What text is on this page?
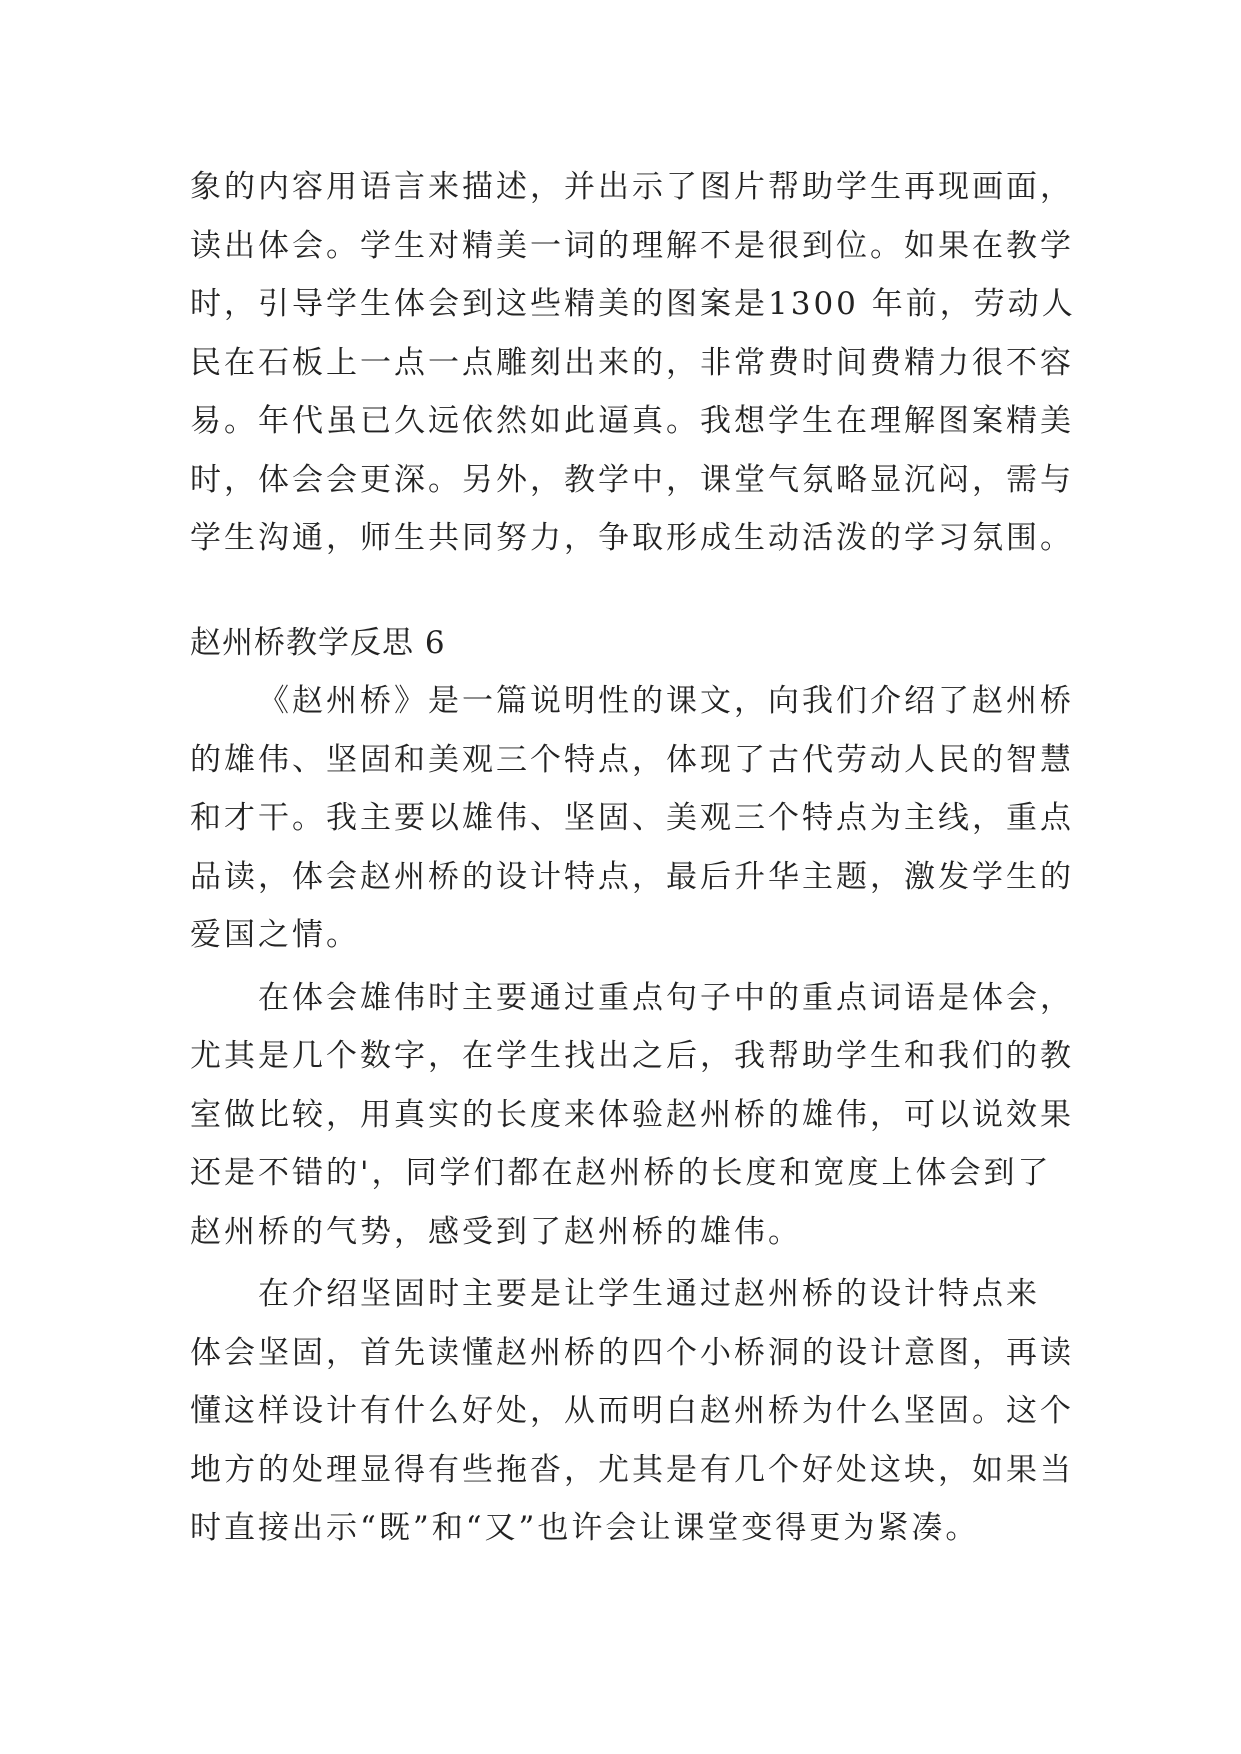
象的内容用语言来描述，并出示了图片帮助学生再现画面，
读出体会。学生对精美一词的理解不是很到位。如果在教学
时，引导学生体会到这些精美的图案是1300 年前，劳动人
民在石板上一点一点雕刻出来的，非常费时间费精力很不容
易。年代虽已久远依然如此逼真。我想学生在理解图案精美
时，体会会更深。另外，教学中，课堂气氛略显沉闷，需与
学生沟通，师生共同努力，争取形成生动活泼的学习氛围。
赵州桥教学反思 6
《赵州桥》是一篇说明性的课文，向我们介绍了赵州桥
的雄伟、坚固和美观三个特点，体现了古代劳动人民的智慧
和才干。我主要以雄伟、坚固、美观三个特点为主线，重点
品读，体会赵州桥的设计特点，最后升华主题，激发学生的
爱国之情。
在体会雄伟时主要通过重点句子中的重点词语是体会，
尤其是几个数字，在学生找出之后，我帮助学生和我们的教
室做比较，用真实的长度来体验赵州桥的雄伟，可以说效果
还是不错的'，同学们都在赵州桥的长度和宽度上体会到了
赵州桥的气势，感受到了赵州桥的雄伟。
在介绍坚固时主要是让学生通过赵州桥的设计特点来
体会坚固，首先读懂赵州桥的四个小桥洞的设计意图，再读
懂这样设计有什么好处，从而明白赵州桥为什么坚固。这个
地方的处理显得有些拖沓，尤其是有几个好处这块，如果当
时直接出示“既”和“又”也许会让课堂变得更为紧凑。
